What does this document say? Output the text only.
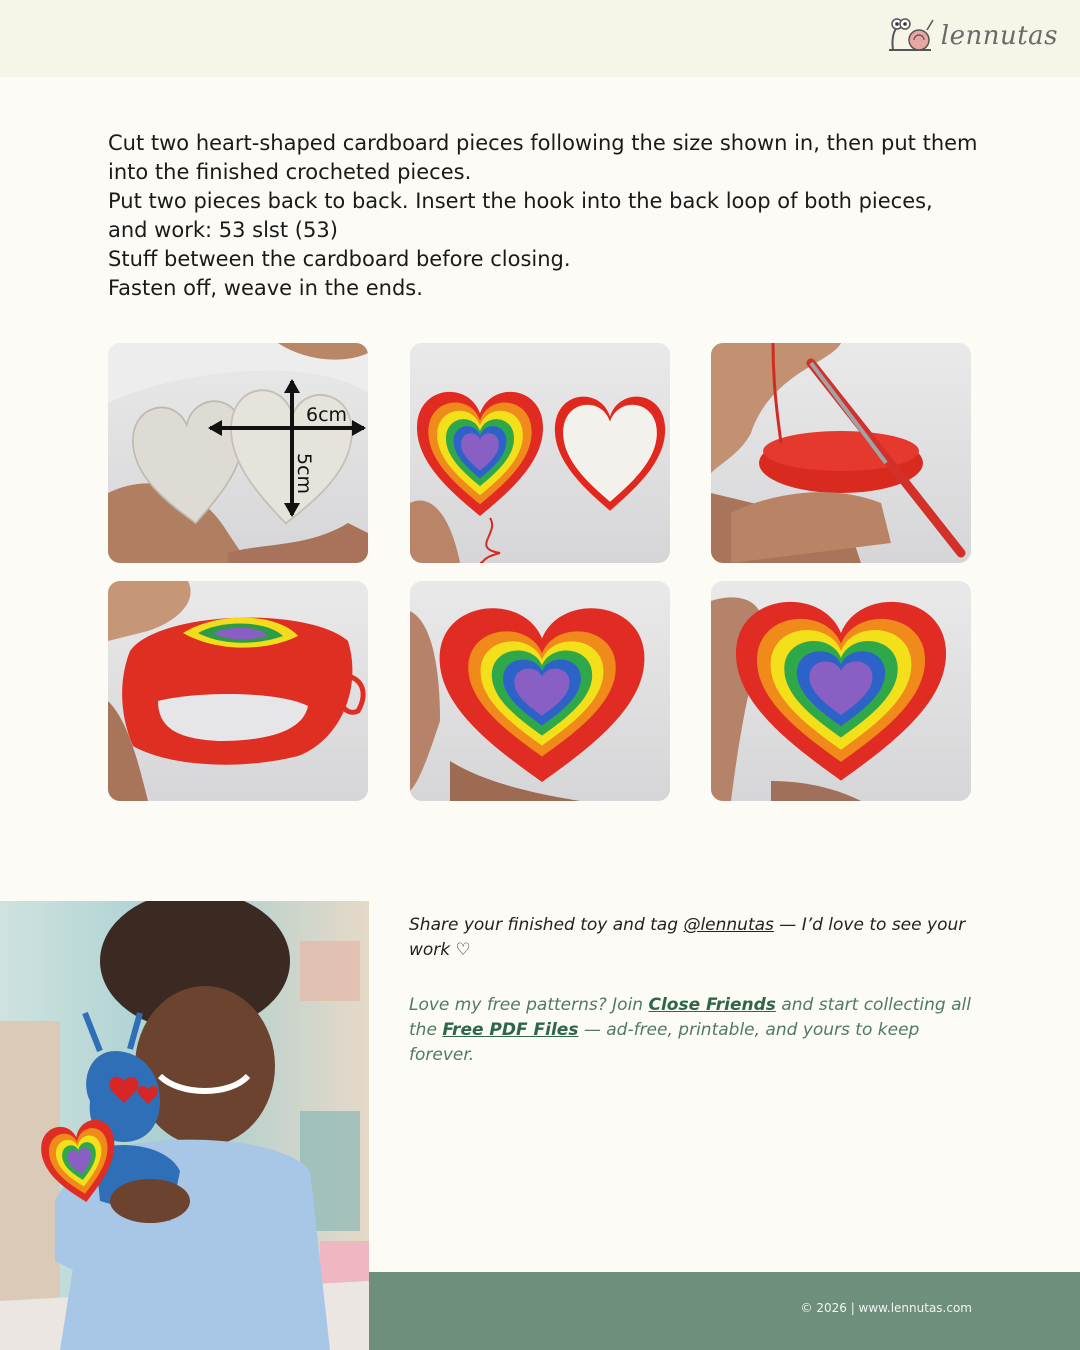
lennutas

Cut two heart-shaped cardboard pieces following the size shown in, then put them into the finished crocheted pieces.

Put two pieces back to back. Insert the hook into the back loop of both pieces, and work: 53 slst (53)

Stuff between the cardboard before closing.

Fasten off, weave in the ends.

6cm
5cm
Share your finished toy and tag @lennutas — I’d love to see your work ♡
Love my free patterns? Join Close Friends and start collecting all the Free PDF Files — ad-free, printable, and yours to keep forever.
© 2026 | www.lennutas.com
